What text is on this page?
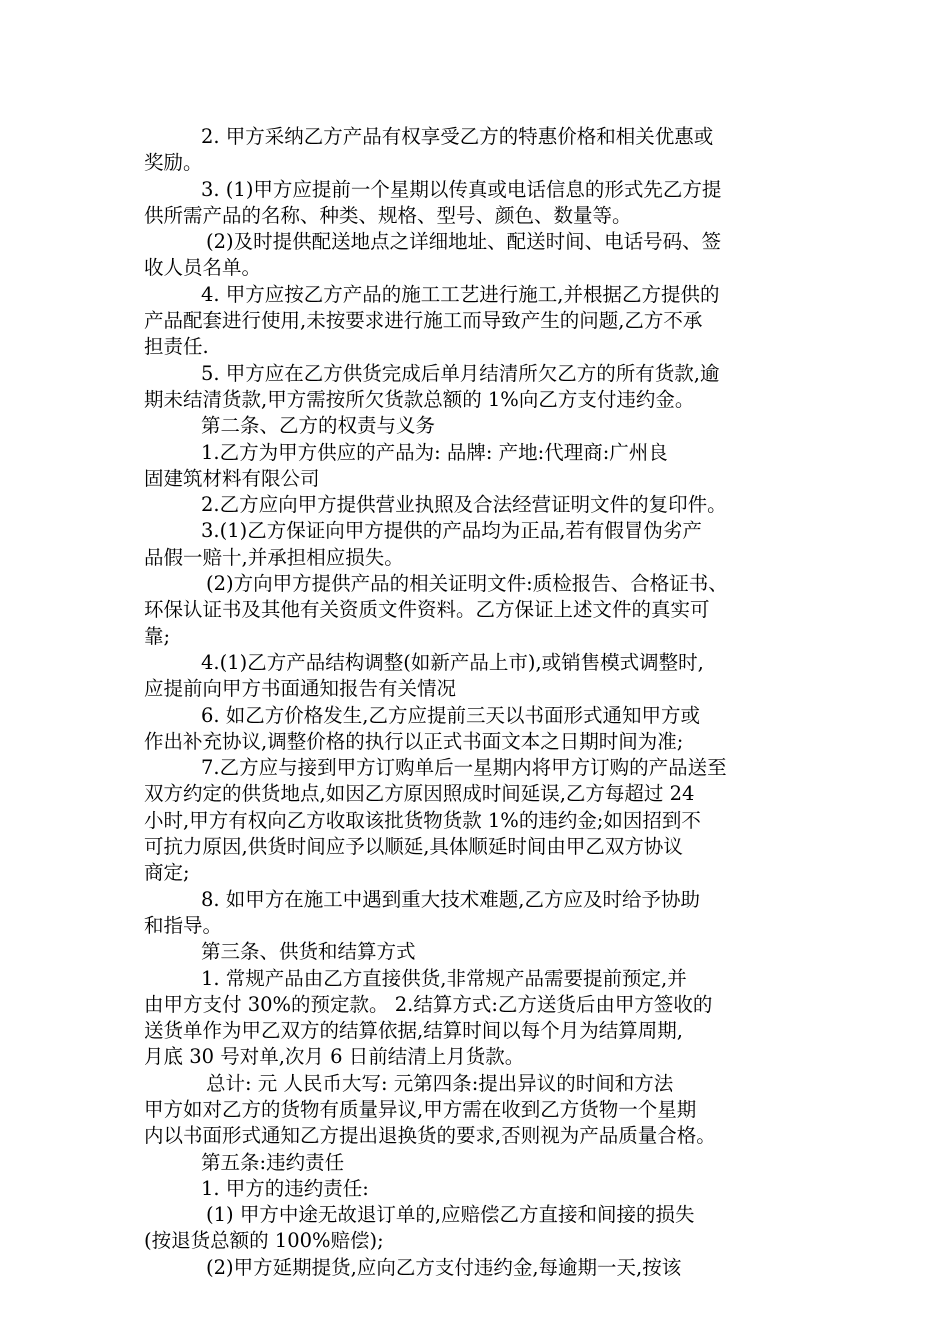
2. 甲方采纳乙方产品有权享受乙方的特惠价格和相关优惠或
奖励。
3. (1)甲方应提前一个星期以传真或电话信息的形式先乙方提
供所需产品的名称、种类、规格、型号、颜色、数量等。
(2)及时提供配送地点之详细地址、配送时间、电话号码、签
收人员名单。
4. 甲方应按乙方产品的施工工艺进行施工,并根据乙方提供的
产品配套进行使用,未按要求进行施工而导致产生的问题,乙方不承
担责任.
5. 甲方应在乙方供货完成后单月结清所欠乙方的所有货款,逾
期未结清货款,甲方需按所欠货款总额的 1%向乙方支付违约金。
第二条、乙方的权责与义务
1.乙方为甲方供应的产品为: 品牌: 产地:代理商:广州良
固建筑材料有限公司
2.乙方应向甲方提供营业执照及合法经营证明文件的复印件。
3.(1)乙方保证向甲方提供的产品均为正品,若有假冒伪劣产
品假一赔十,并承担相应损失。
(2)方向甲方提供产品的相关证明文件:质检报告、合格证书、
环保认证书及其他有关资质文件资料。乙方保证上述文件的真实可
靠;
4.(1)乙方产品结构调整(如新产品上市),或销售模式调整时,
应提前向甲方书面通知报告有关情况
6. 如乙方价格发生,乙方应提前三天以书面形式通知甲方或
作出补充协议,调整价格的执行以正式书面文本之日期时间为准;
7.乙方应与接到甲方订购单后一星期内将甲方订购的产品送至
双方约定的供货地点,如因乙方原因照成时间延误,乙方每超过 24
小时,甲方有权向乙方收取该批货物货款 1%的违约金;如因招到不
可抗力原因,供货时间应予以顺延,具体顺延时间由甲乙双方协议
商定;
8. 如甲方在施工中遇到重大技术难题,乙方应及时给予协助
和指导。
第三条、供货和结算方式
1. 常规产品由乙方直接供货,非常规产品需要提前预定,并
由甲方支付 30%的预定款。 2.结算方式:乙方送货后由甲方签收的
送货单作为甲乙双方的结算依据,结算时间以每个月为结算周期,
月底 30 号对单,次月 6 日前结清上月货款。
总计: 元 人民币大写: 元第四条:提出异议的时间和方法
甲方如对乙方的货物有质量异议,甲方需在收到乙方货物一个星期
内以书面形式通知乙方提出退换货的要求,否则视为产品质量合格。
第五条:违约责任
1. 甲方的违约责任:
(1) 甲方中途无故退订单的,应赔偿乙方直接和间接的损失
(按退货总额的 100%赔偿);
(2)甲方延期提货,应向乙方支付违约金,每逾期一天,按该
